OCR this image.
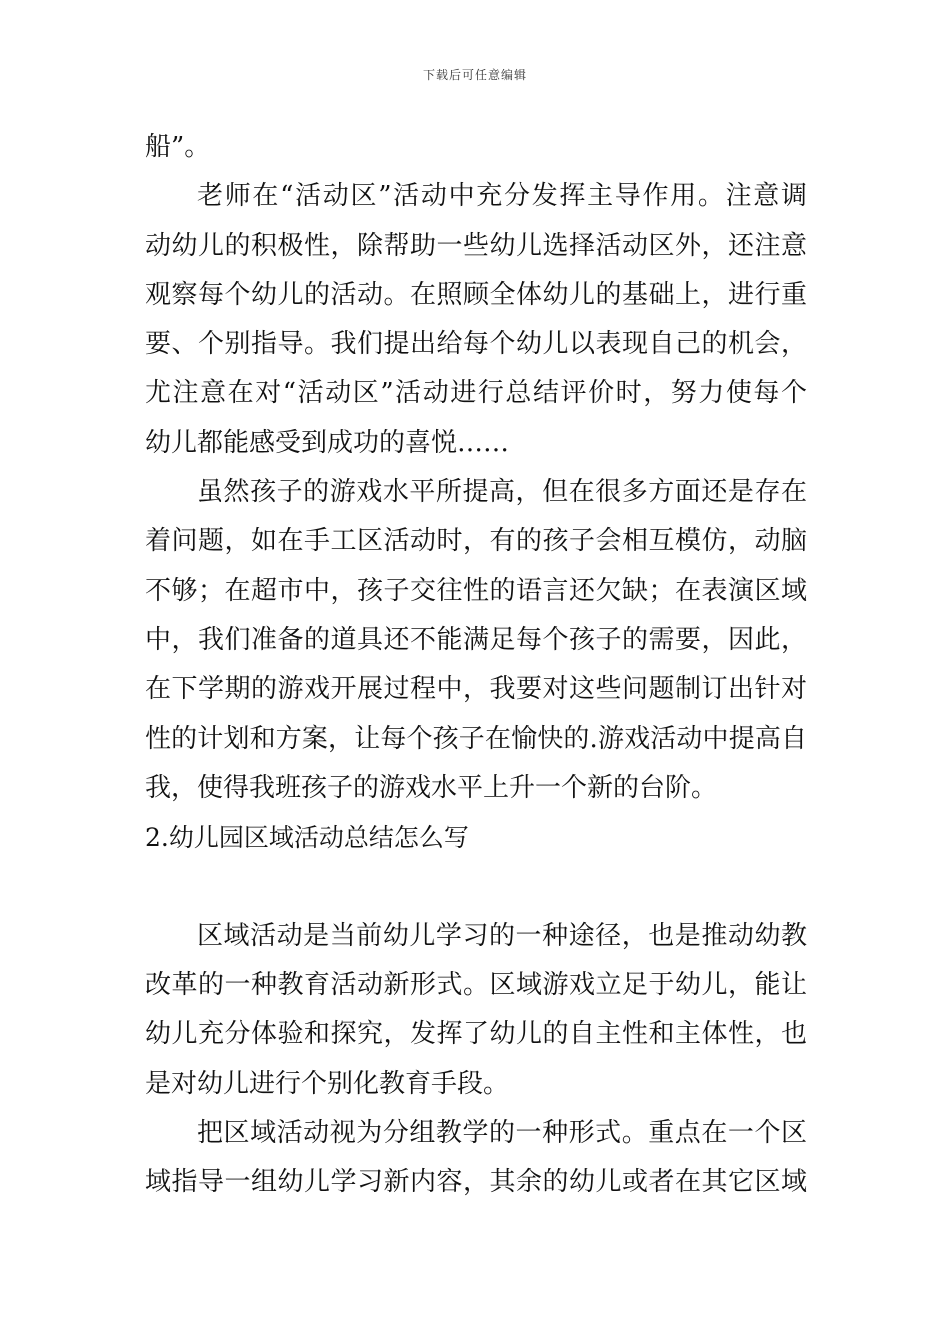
下载后可任意编辑
船”。
老师在“活动区”活动中充分发挥主导作用。注意调
动幼儿的积极性，除帮助一些幼儿选择活动区外，还注意
观察每个幼儿的活动。在照顾全体幼儿的基础上，进行重
要、个别指导。我们提出给每个幼儿以表现自己的机会，
尤注意在对“活动区”活动进行总结评价时，努力使每个
幼儿都能感受到成功的喜悦……
虽然孩子的游戏水平所提高，但在很多方面还是存在
着问题，如在手工区活动时，有的孩子会相互模仿，动脑
不够；在超市中，孩子交往性的语言还欠缺；在表演区域
中，我们准备的道具还不能满足每个孩子的需要，因此，
在下学期的游戏开展过程中，我要对这些问题制订出针对
性的计划和方案，让每个孩子在愉快的.游戏活动中提高自
我，使得我班孩子的游戏水平上升一个新的台阶。
2.幼儿园区域活动总结怎么写
区域活动是当前幼儿学习的一种途径，也是推动幼教
改革的一种教育活动新形式。区域游戏立足于幼儿，能让
幼儿充分体验和探究，发挥了幼儿的自主性和主体性，也
是对幼儿进行个别化教育手段。
把区域活动视为分组教学的一种形式。重点在一个区
域指导一组幼儿学习新内容，其余的幼儿或者在其它区域
